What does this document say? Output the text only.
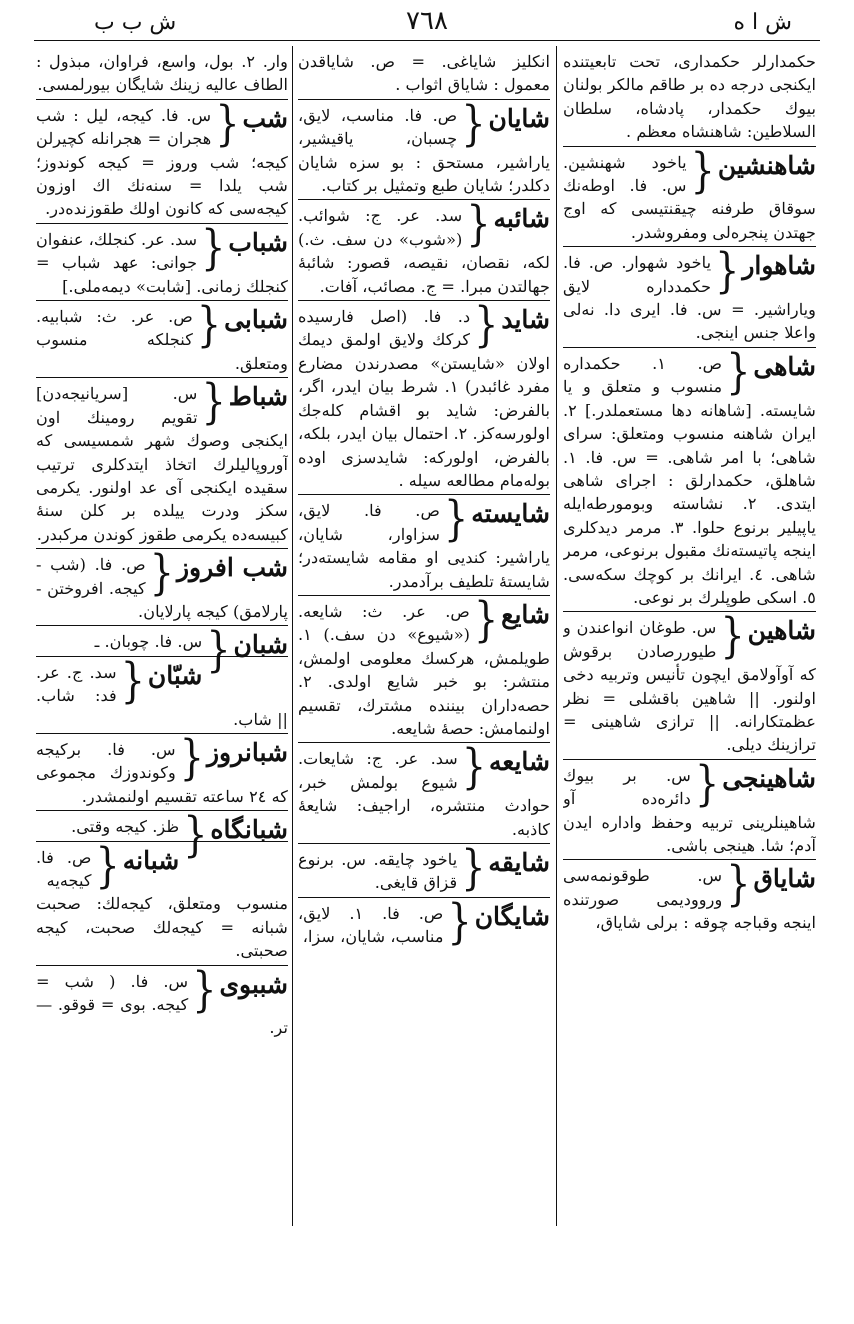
ش ا ه
٧٦٨
ش ب ب
حکمدارلر حکمدارى، تحت تابعیتنده ایکنجى درجه ده بر طاقم مالکر بولنان بیوك حکمدار، پادشاه، سلطان السلاطین: شاهنشاه معظم .
شاهنشین
{
یاخود شهنشین. س. فا. اوطه‌نك سوقاق طرفنه چیقنتیسى که اوج جهتدن پنجره‌لى ومفروشدر.
شاهوار
{
یاخود شهوار. ص. فا. حکمدداره لایق ویاراشیر. = س. فا. ایرى دا. نه‌لى واعلا جنس اینجى.
شاهى
{
ص. ١. حکمداره منسوب و متعلق و یا شایسته. [شاهانه دها مستعملدر.] ٢. ایران شاهنه منسوب ومتعلق: سراى شاهى؛ با امر شاهى. = س. فا. ١. شاهلق، حکمدارلق : اجراى شاهى ایتدى. ٢. نشاسته وبومورطه‌ایله یاپیلیر برنوع حلوا. ٣. مرمر دیدکلرى اینجه پاتیسته‌نك مقبول برنوعى، مرمر شاهى. ٤. ایرانك بر کوچك سکه‌سى. ٥. اسکى طوپلرك بر نوعى.
شاهین
{
س. طوغان انواعندن و طیوررصادن برقوش که آوآولامق ایچون تأنیس وتربیه دخى اولنور. || شاهین باقشلى = نظر عظمتکارانه. || ترازى شاهینى = ترازینك دیلى.
شاهینجى
{
س. بر بیوك دائره‌ده آو شاهینلرینى تربیه وحفظ واداره ایدن آدم؛ شا. هینجى باشى.
شاياق
{
س. طوقونمه‌سى وروودیمى صورتنده اینجه وقباجه چوقه : برلى شاياق،
انکلیز شایاغى. = ص. شایاقدن معمول : شایاق اثواب .
شایان
{
ص. فا. مناسب، لایق، چسبان، یاقیشیر، یاراشیر، مستحق : بو سزه شایان دکلدر؛ شایان طبع وتمثیل بر کتاب.
شائبه
{
سد. عر. ج: شوائب. («شوب» دن سف. ث.) لکه، نقصان، نقیصه، قصور: شائبهٔ جهالتدن مبرا. = ج. مصائب، آفات.
شاید
{
د. فا. (اصل فارسیده کرکك ولایق اولمق دیمك اولان «شایستن» مصدرندن مضارع مفرد غائبدر) ١. شرط بیان ایدر، اگر، بالفرض: شاید بو اقشام کله‌جك اولورسه‌کز. ٢. احتمال بیان ایدر، بلکه، بالفرض، اولورکه: شایدسزى اوده بوله‌مام مطالعه سیله .
شایسته
{
ص. فا. لایق، سزاوار، شایان، یاراشیر: کندیى او مقامه شایسته‌در؛ شایستهٔ تلطیف برآدمدر.
شایع
{
ص. عر. ث: شایعه. («شیوع» دن سف.) ١. طویلمش، هرکسك معلومى اولمش، منتشر: بو خبر شایع اولدى. ٢. حصه‌داران بیننده مشترك، تقسیم اولنمامش: حصهٔ شایعه.
شایعه
{
سد. عر. ج: شایعات. شیوع بولمش خبر، حوادث منتشره، اراجیف: شایعهٔ کاذبه.
شایقه
{
یاخود چایقه. س. برنوع قزاق قایغى.
شایگان
{
ص. فا. ١. لایق، مناسب، شایان، سزا،
وار. ٢. بول، واسع، فراوان، مبذول : الطاف عالیه زینك شایگان بیورلمسى.
شب
{
س. فا. کیجه، لیل : شب هجران = هجرانله کچیرلن کیجه؛ شب وروز = کیجه کوندوز؛ شب یلدا = سنه‌نك اك اوزون کیجه‌سى که کانون اولك طقوزنده‌در.
شباب
{
سد. عر. کنجلك، عنفوان جوانى: عهد شباب = کنجلك زمانى. [شابت» دیمه‌ملى.]
شبابى
{
ص. عر. ث: شبابیه. کنجلکه منسوب ومتعلق.
شباط
{
س. [سریانیجه‌دن] تقویم رومینك اون ایکنجى وصوك شهر شمسیسى که آوروپالیلرك اتخاذ ایتدکلرى ترتیب سقیده ایکنجى آى عد اولنور. یکرمى سکز ودرت ییلده بر کلن سنهٔ کبیسه‌ده یکرمى طقوز کوندن مرکبدر.
شب افروز
{
ص. فا. (شب - کیجه. افروختن - پارلامق) کیجه پارلایان.
شبان
{
س. فا. چوبان. ـ
شبّان
{
سد. ج. عر. فد: شاب. || شاب.
شبانروز
{
س. فا. برکیجه وکوندوزك مجموعى که ٢٤ ساعته تقسیم اولنمشدر.
شبانگاه
{
ظز. کیجه وقتى.
شبانه
{
ص. فا. کیجه‌یه منسوب ومتعلق، کیجه‌لك: صحبت شبانه = کیجه‌لك صحبت، کیجه صحبتى.
شببوى
{
س. فا. ( شب = کیجه. بوى = قوقو. — تر.
